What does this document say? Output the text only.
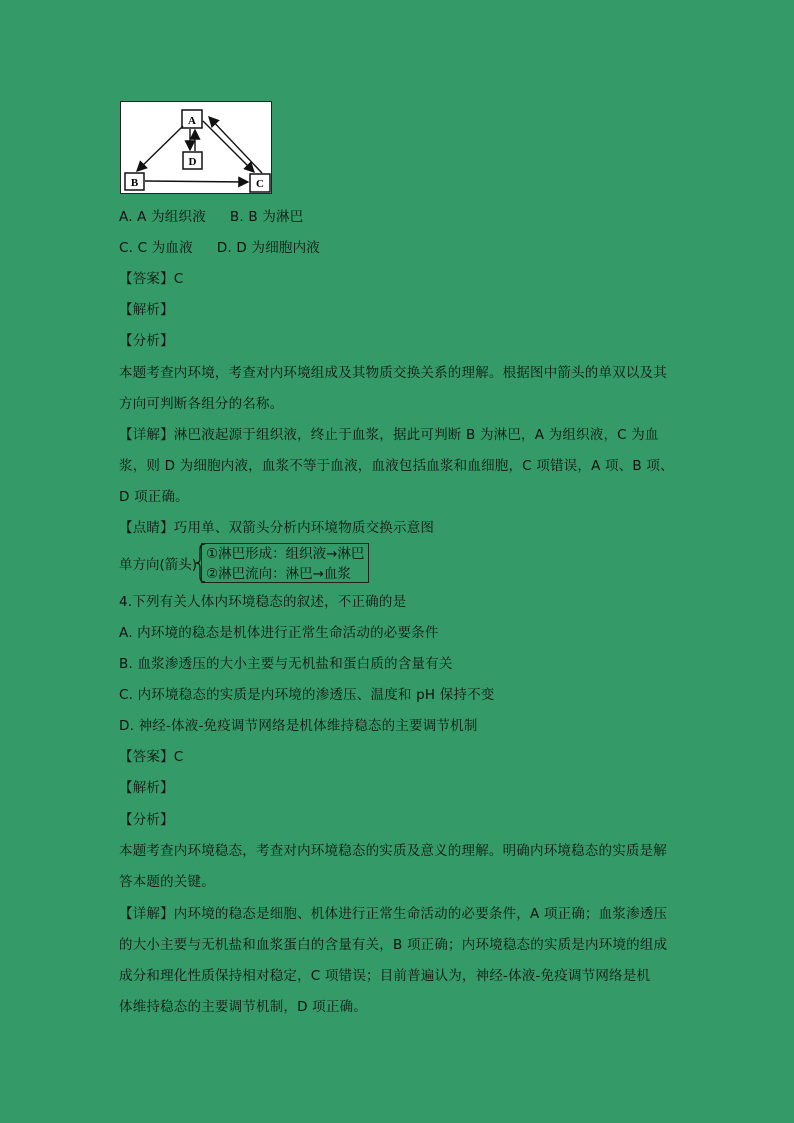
A
D
B	C
A. A 为组织液 B. B 为淋巴
C. C 为血液 D. D 为细胞内液
【答案】C
【解析】
【分析】
本题考查内环境，考查对内环境组成及其物质交换关系的理解。根据图中箭头的单双以及其
方向可判断各组分的名称。
【详解】淋巴液起源于组织液，终止于血浆，据此可判断 B 为淋巴，A 为组织液，C 为血
浆，则 D 为细胞内液，血浆不等于血液，血液包括血浆和血细胞，C 项错误，A 项、B 项、
D 项正确。
【点睛】巧用单、双箭头分析内环境物质交换示意图
单方向(箭头)
①淋巴形成：组织液→淋巴
②淋巴流向：淋巴→血浆
4.下列有关人体内环境稳态的叙述，不正确的是
A. 内环境的稳态是机体进行正常生命活动的必要条件
B. 血浆渗透压的大小主要与无机盐和蛋白质的含量有关
C. 内环境稳态的实质是内环境的渗透压、温度和 pH 保持不变
D. 神经-体液-免疫调节网络是机体维持稳态的主要调节机制
【答案】C
【解析】
【分析】
本题考查内环境稳态，考查对内环境稳态的实质及意义的理解。明确内环境稳态的实质是解
答本题的关键。
【详解】内环境的稳态是细胞、机体进行正常生命活动的必要条件，A 项正确；血浆渗透压
的大小主要与无机盐和血浆蛋白的含量有关，B 项正确；内环境稳态的实质是内环境的组成
成分和理化性质保持相对稳定，C 项错误；目前普遍认为，神经-体液-免疫调节网络是机
体维持稳态的主要调节机制，D 项正确。
